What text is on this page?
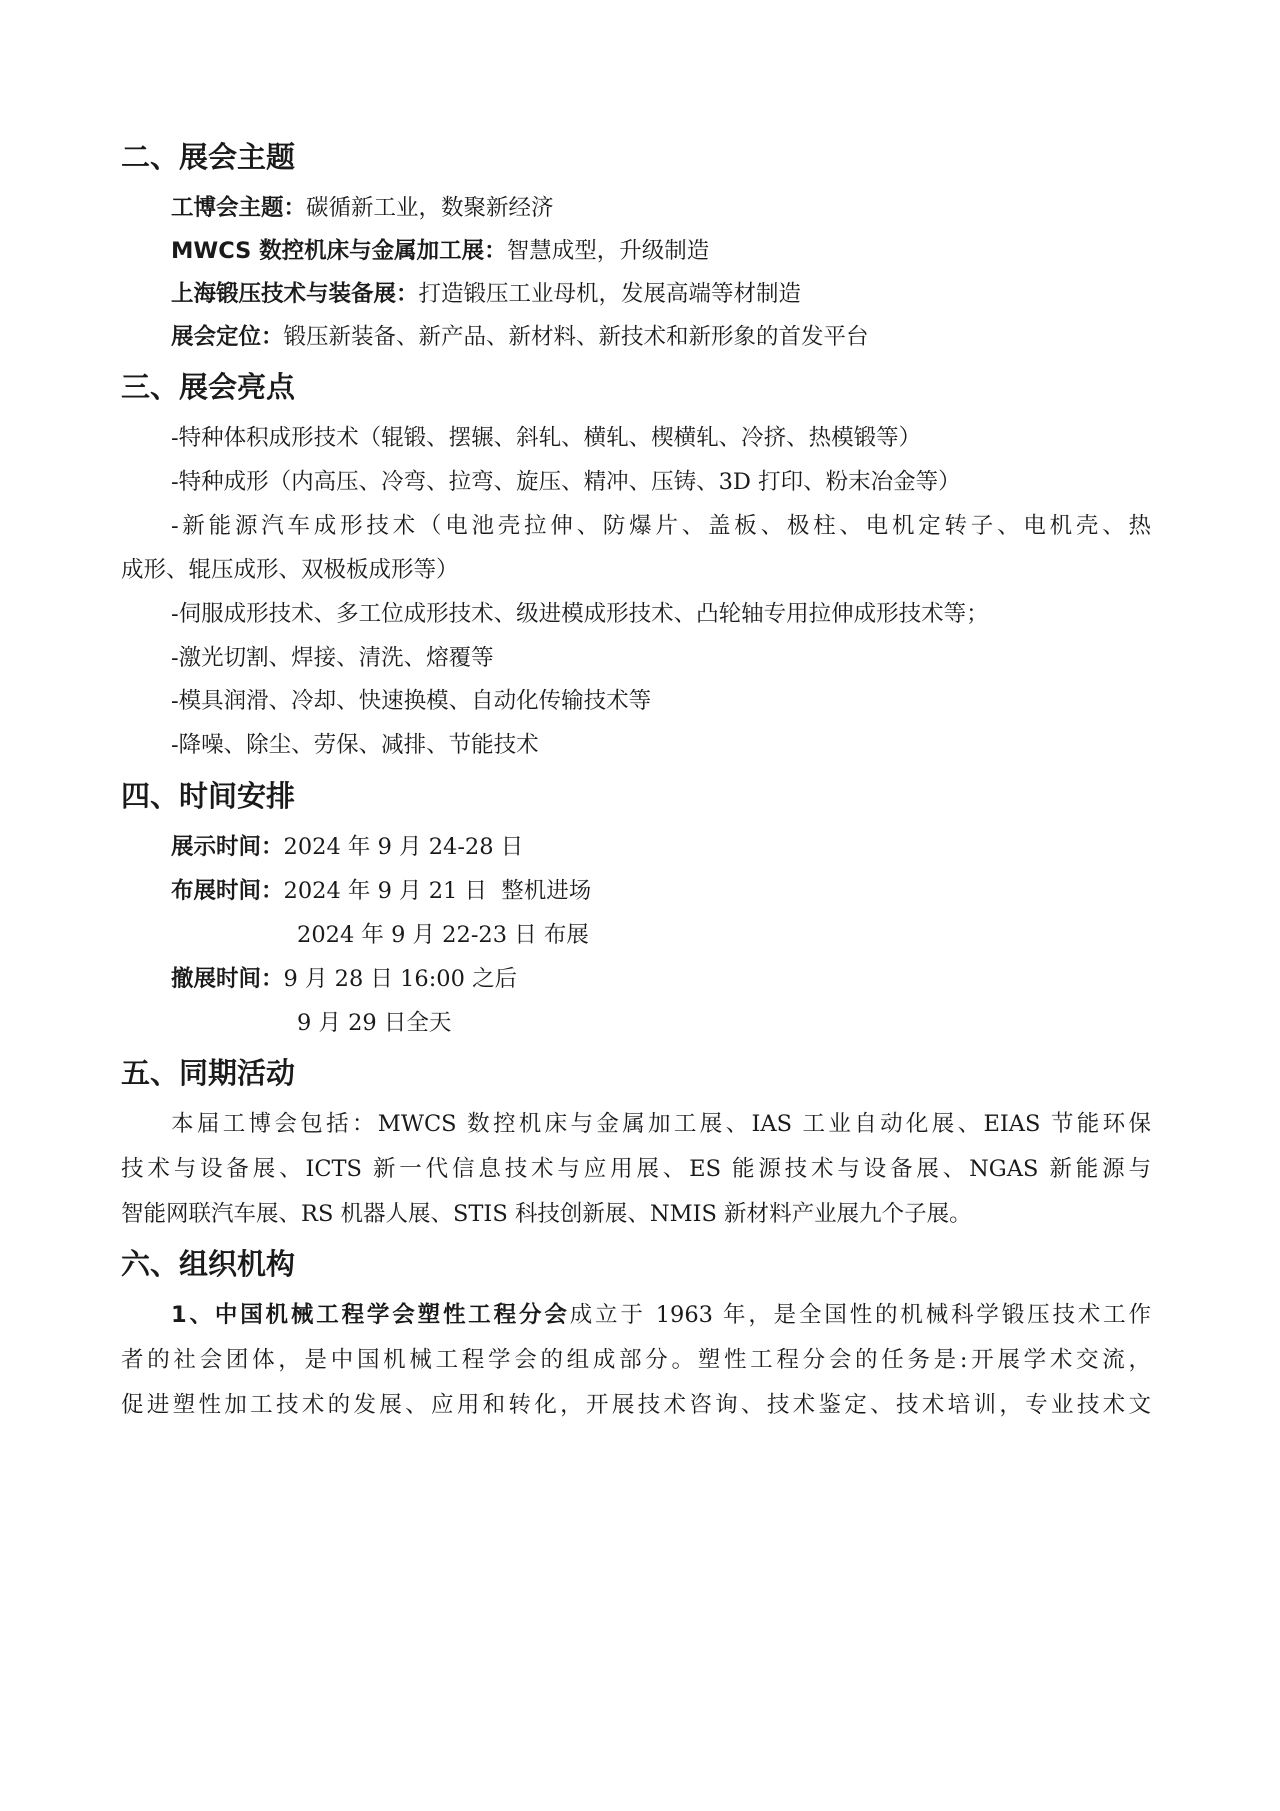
二、展会主题
工博会主题：碳循新工业，数聚新经济
MWCS 数控机床与金属加工展：智慧成型，升级制造
上海锻压技术与装备展：打造锻压工业母机，发展高端等材制造
展会定位：锻压新装备、新产品、新材料、新技术和新形象的首发平台
三、展会亮点
-特种体积成形技术（辊锻、摆辗、斜轧、横轧、楔横轧、冷挤、热模锻等）
-特种成形（内高压、冷弯、拉弯、旋压、精冲、压铸、3D 打印、粉末冶金等）
-新能源汽车成形技术（电池壳拉伸、防爆片、盖板、极柱、电机定转子、电机壳、热
成形、辊压成形、双极板成形等）
-伺服成形技术、多工位成形技术、级进模成形技术、凸轮轴专用拉伸成形技术等；
-激光切割、焊接、清洗、熔覆等
-模具润滑、冷却、快速换模、自动化传输技术等
-降噪、除尘、劳保、减排、节能技术
四、时间安排
展示时间：2024 年 9 月 24-28 日
布展时间：2024 年 9 月 21 日  整机进场
2024 年 9 月 22-23 日 布展
撤展时间：9 月 28 日 16:00 之后
9 月 29 日全天
五、同期活动
本届工博会包括：MWCS 数控机床与金属加工展、IAS 工业自动化展、EIAS 节能环保
技术与设备展、ICTS 新一代信息技术与应用展、ES 能源技术与设备展、NGAS 新能源与
智能网联汽车展、RS 机器人展、STIS 科技创新展、NMIS 新材料产业展九个子展。
六、组织机构
1、中国机械工程学会塑性工程分会成立于 1963 年，是全国性的机械科学锻压技术工作
者的社会团体，是中国机械工程学会的组成部分。塑性工程分会的任务是:开展学术交流，
促进塑性加工技术的发展、应用和转化，开展技术咨询、技术鉴定、技术培训，专业技术文
